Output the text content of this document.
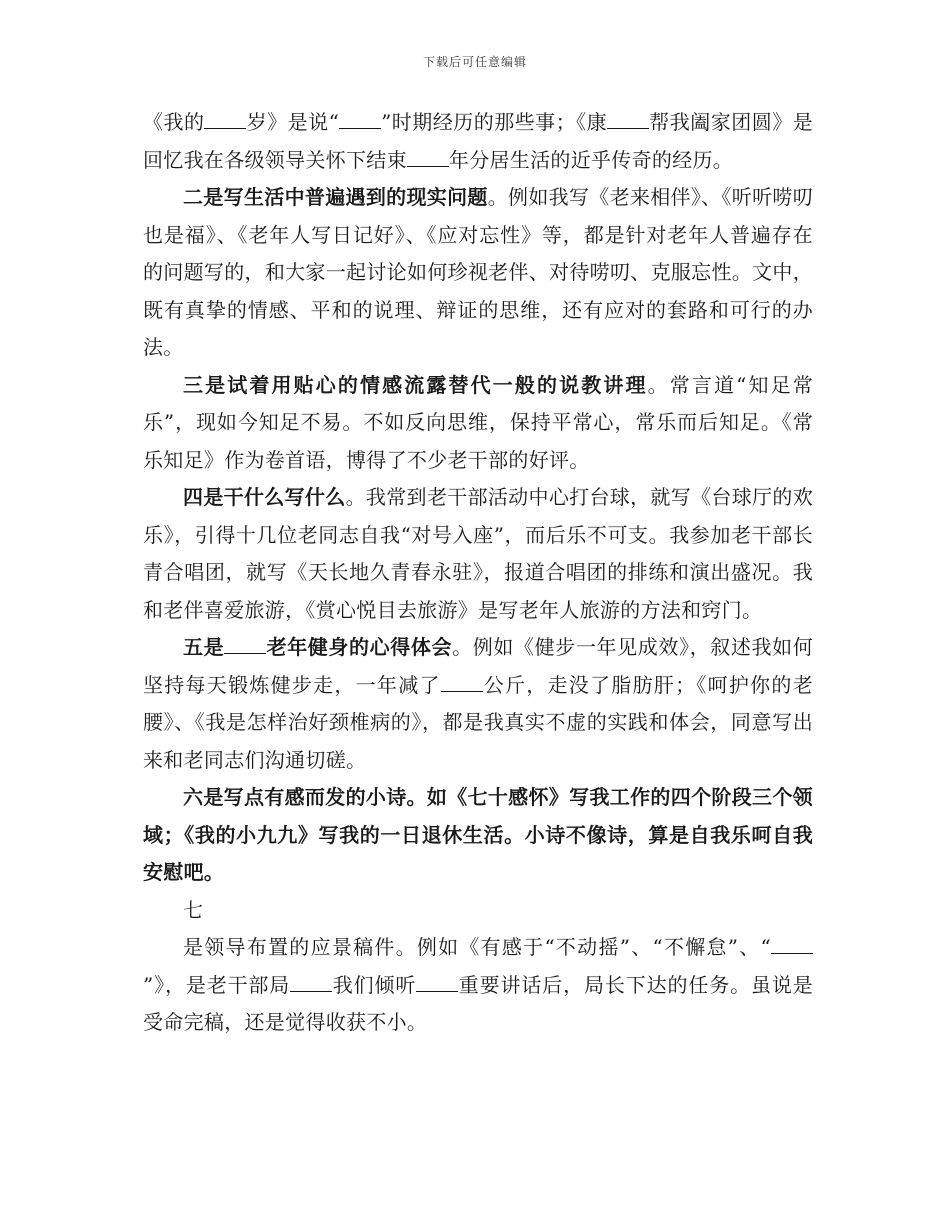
下载后可任意编辑

《我的 岁》是说“ ”时期经历的那些事；《康 帮我阖家团圆》是回忆我在各级领导关怀下结束 年分居生活的近乎传奇的经历。

二是写生活中普遍遇到的现实问题。例如我写《老来相伴》、《听听唠叨也是福》、《老年人写日记好》、《应对忘性》等，都是针对老年人普遍存在的问题写的，和大家一起讨论如何珍视老伴、对待唠叨、克服忘性。文中，既有真挚的情感、平和的说理、辩证的思维，还有应对的套路和可行的办法。

三是试着用贴心的情感流露替代一般的说教讲理。常言道“知足常乐”，现如今知足不易。不如反向思维，保持平常心，常乐而后知足。《常乐知足》作为卷首语，博得了不少老干部的好评。

四是干什么写什么。我常到老干部活动中心打台球，就写《台球厅的欢乐》，引得十几位老同志自我“对号入座”，而后乐不可支。我参加老干部长青合唱团，就写《天长地久青春永驻》，报道合唱团的排练和演出盛况。我和老伴喜爱旅游，《赏心悦目去旅游》是写老年人旅游的方法和窍门。

五是 老年健身的心得体会。例如《健步一年见成效》，叙述我如何坚持每天锻炼健步走，一年减了 公斤，走没了脂肪肝；《呵护你的老腰》、《我是怎样治好颈椎病的》，都是我真实不虚的实践和体会，同意写出来和老同志们沟通切磋。

六是写点有感而发的小诗。如《七十感怀》写我工作的四个阶段三个领域；《我的小九九》写我的一日退休生活。小诗不像诗，算是自我乐呵自我安慰吧。

七

是领导布置的应景稿件。例如《有感于“不动摇”、“不懈怠”、“”》，是老干部局 我们倾听 重要讲话后，局长下达的任务。虽说是受命完稿，还是觉得收获不小。
